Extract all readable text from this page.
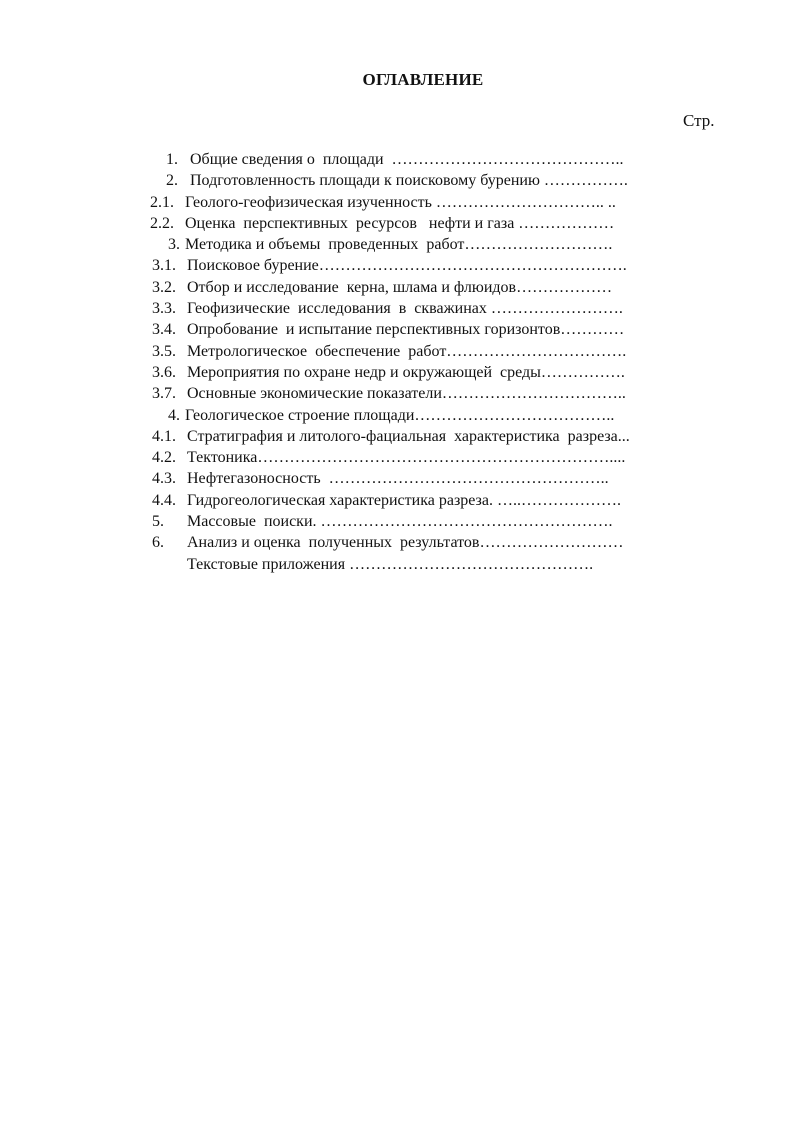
ОГЛАВЛЕНИЕ
Стр.
1. Общие сведения о  площади  ……………………………………..
2. Подготовленность площади к поисковому бурению …………….
2.1. Геолого-геофизическая изученность ………………………….. ..
2.2. Оценка  перспективных  ресурсов   нефти и газа ………………
3. Методика и объемы  проведенных  работ……………………….
3.1. Поисковое бурение………………………………………………….
3.2. Отбор и исследование  керна, шлама и флюидов………………
3.3. Геофизические  исследования  в  скважинах …………………….
3.4. Опробование  и испытание перспективных горизонтов…………
3.5. Метрологическое  обеспечение  работ…………………………….
3.6. Мероприятия по охране недр и окружающей  среды…………….
3.7. Основные экономические показатели……………………………..
4. Геологическое строение площади………………………………..
4.1. Стратиграфия и литолого-фациальная  характеристика  разреза...
4.2. Тектоника…………………………………………………………....
4.3. Нефтегазоносность  ……………………………………………..
4.4. Гидрогеологическая характеристика разреза. …..……………….
5. Массовые  поиски. ……………………………………………….
6. Анализ и оценка  полученных  результатов………………………
Текстовые приложения ……………………………………….
